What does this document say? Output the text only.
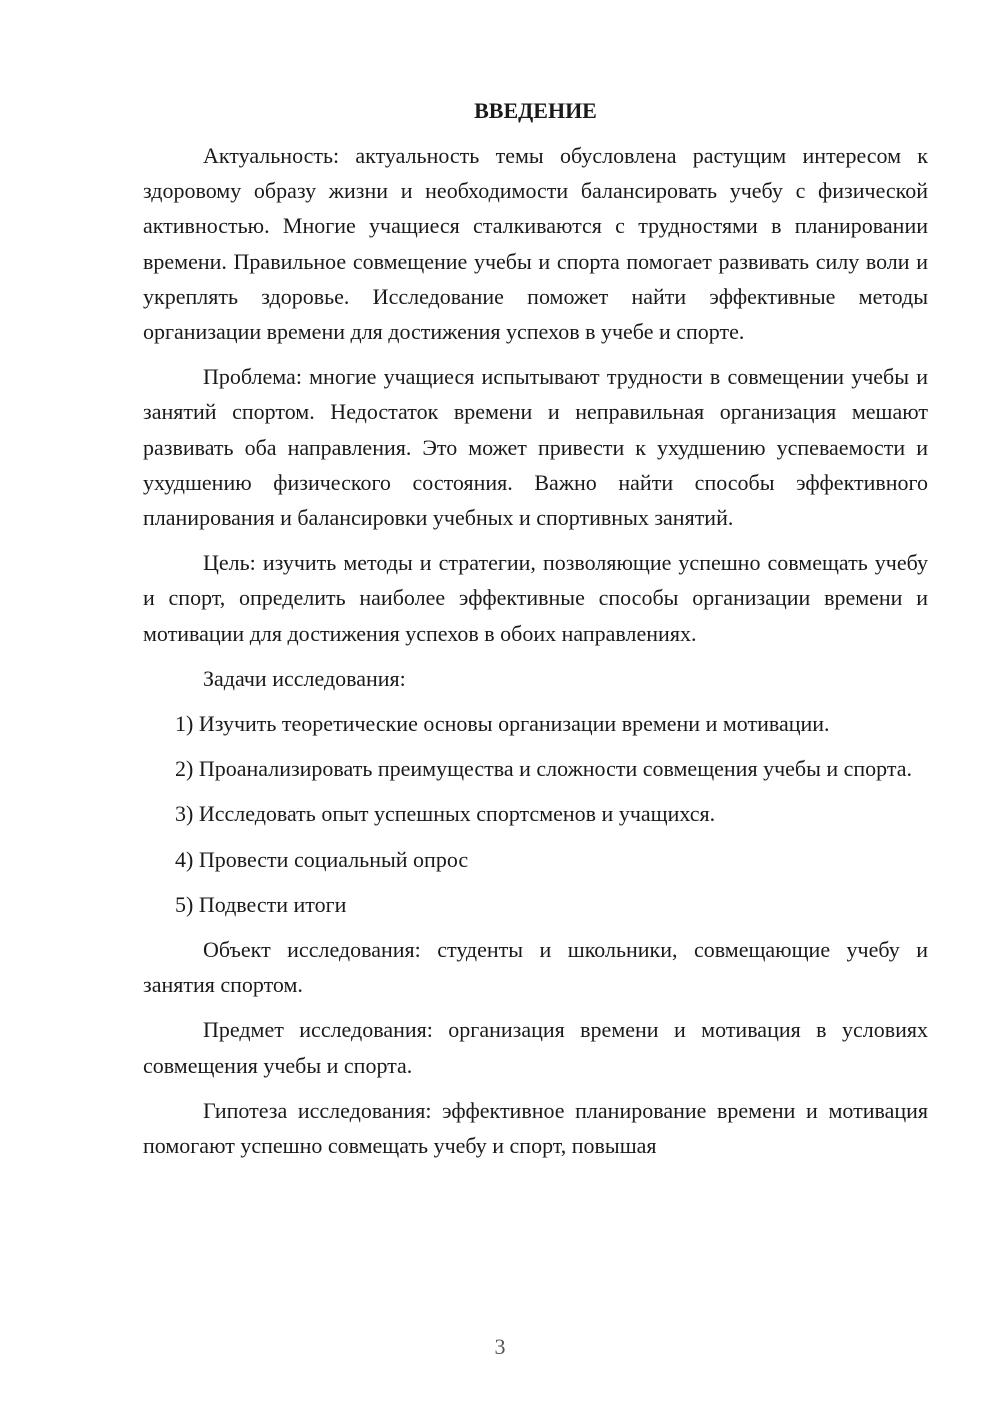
ВВЕДЕНИЕ

Актуальность: актуальность темы обусловлена растущим интересом к здоровому образу жизни и необходимости балансировать учебу с физической активностью. Многие учащиеся сталкиваются с трудностями в планировании времени. Правильное совмещение учебы и спорта помогает развивать силу воли и укреплять здоровье. Исследование поможет найти эффективные методы организации времени для достижения успехов в учебе и спорте.

Проблема: многие учащиеся испытывают трудности в совмещении учебы и занятий спортом. Недостаток времени и неправильная организация мешают развивать оба направления. Это может привести к ухудшению успеваемости и ухудшению физического состояния. Важно найти способы эффективного планирования и балансировки учебных и спортивных занятий.

Цель: изучить методы и стратегии, позволяющие успешно совмещать учебу и спорт, определить наиболее эффективные способы организации времени и мотивации для достижения успехов в обоих направлениях.

Задачи исследования:

1) Изучить теоретические основы организации времени и мотивации.

2) Проанализировать преимущества и сложности совмещения учебы и спорта.

3) Исследовать опыт успешных спортсменов и учащихся.

4) Провести социальный опрос

5) Подвести итоги

Объект исследования: студенты и школьники, совмещающие учебу и занятия спортом.

Предмет исследования: организация времени и мотивация в условиях совмещения учебы и спорта.

Гипотеза исследования: эффективное планирование времени и мотивация помогают успешно совмещать учебу и спорт, повышая

3
